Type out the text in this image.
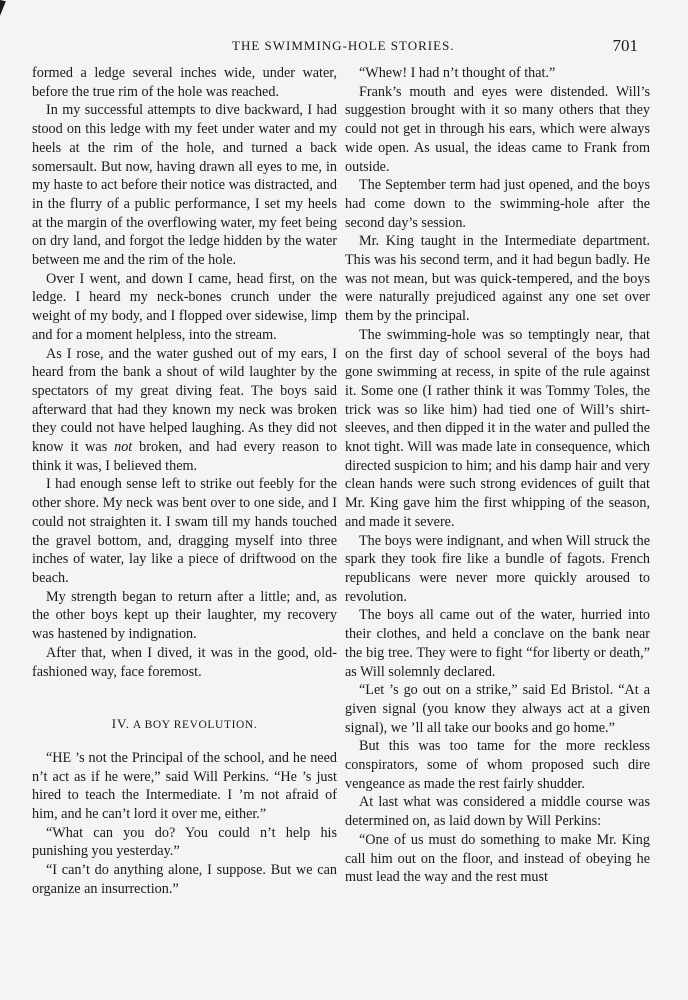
THE SWIMMING-HOLE STORIES.	701

formed a ledge several inches wide, under water, before the true rim of the hole was reached.

In my successful attempts to dive backward, I had stood on this ledge with my feet under water and my heels at the rim of the hole, and turned a back somersault. But now, having drawn all eyes to me, in my haste to act before their notice was distracted, and in the flurry of a public performance, I set my heels at the margin of the overflowing water, my feet being on dry land, and forgot the ledge hidden by the water between me and the rim of the hole.

Over I went, and down I came, head first, on the ledge. I heard my neck-bones crunch under the weight of my body, and I flopped over sidewise, limp and for a moment helpless, into the stream.

As I rose, and the water gushed out of my ears, I heard from the bank a shout of wild laughter by the spectators of my great diving feat. The boys said afterward that had they known my neck was broken they could not have helped laughing. As they did not know it was not broken, and had every reason to think it was, I believed them.

I had enough sense left to strike out feebly for the other shore. My neck was bent over to one side, and I could not straighten it. I swam till my hands touched the gravel bottom, and, dragging myself into three inches of water, lay like a piece of driftwood on the beach.

My strength began to return after a little; and, as the other boys kept up their laughter, my recovery was hastened by indignation.

After that, when I dived, it was in the good, old-fashioned way, face foremost.

IV. A BOY REVOLUTION.

“HE ’s not the Principal of the school, and he need n’t act as if he were,” said Will Perkins. “He ’s just hired to teach the Intermediate. I ’m not afraid of him, and he can’t lord it over me, either.”

“What can you do? You could n’t help his punishing you yesterday.”

“I can’t do anything alone, I suppose. But we can organize an insurrection.”

“Whew! I had n’t thought of that.”

Frank’s mouth and eyes were distended. Will’s suggestion brought with it so many others that they could not get in through his ears, which were always wide open. As usual, the ideas came to Frank from outside.

The September term had just opened, and the boys had come down to the swimming-hole after the second day’s session.

Mr. King taught in the Intermediate department. This was his second term, and it had begun badly. He was not mean, but was quick-tempered, and the boys were naturally prejudiced against any one set over them by the principal.

The swimming-hole was so temptingly near, that on the first day of school several of the boys had gone swimming at recess, in spite of the rule against it. Some one (I rather think it was Tommy Toles, the trick was so like him) had tied one of Will’s shirt-sleeves, and then dipped it in the water and pulled the knot tight. Will was made late in consequence, which directed suspicion to him; and his damp hair and very clean hands were such strong evidences of guilt that Mr. King gave him the first whipping of the season, and made it severe.

The boys were indignant, and when Will struck the spark they took fire like a bundle of fagots. French republicans were never more quickly aroused to revolution.

The boys all came out of the water, hurried into their clothes, and held a conclave on the bank near the big tree. They were to fight “for liberty or death,” as Will solemnly declared.

“Let ’s go out on a strike,” said Ed Bristol. “At a given signal (you know they always act at a given signal), we ’ll all take our books and go home.”

But this was too tame for the more reckless conspirators, some of whom proposed such dire vengeance as made the rest fairly shudder.

At last what was considered a middle course was determined on, as laid down by Will Perkins:

“One of us must do something to make Mr. King call him out on the floor, and instead of obeying he must lead the way and the rest must
